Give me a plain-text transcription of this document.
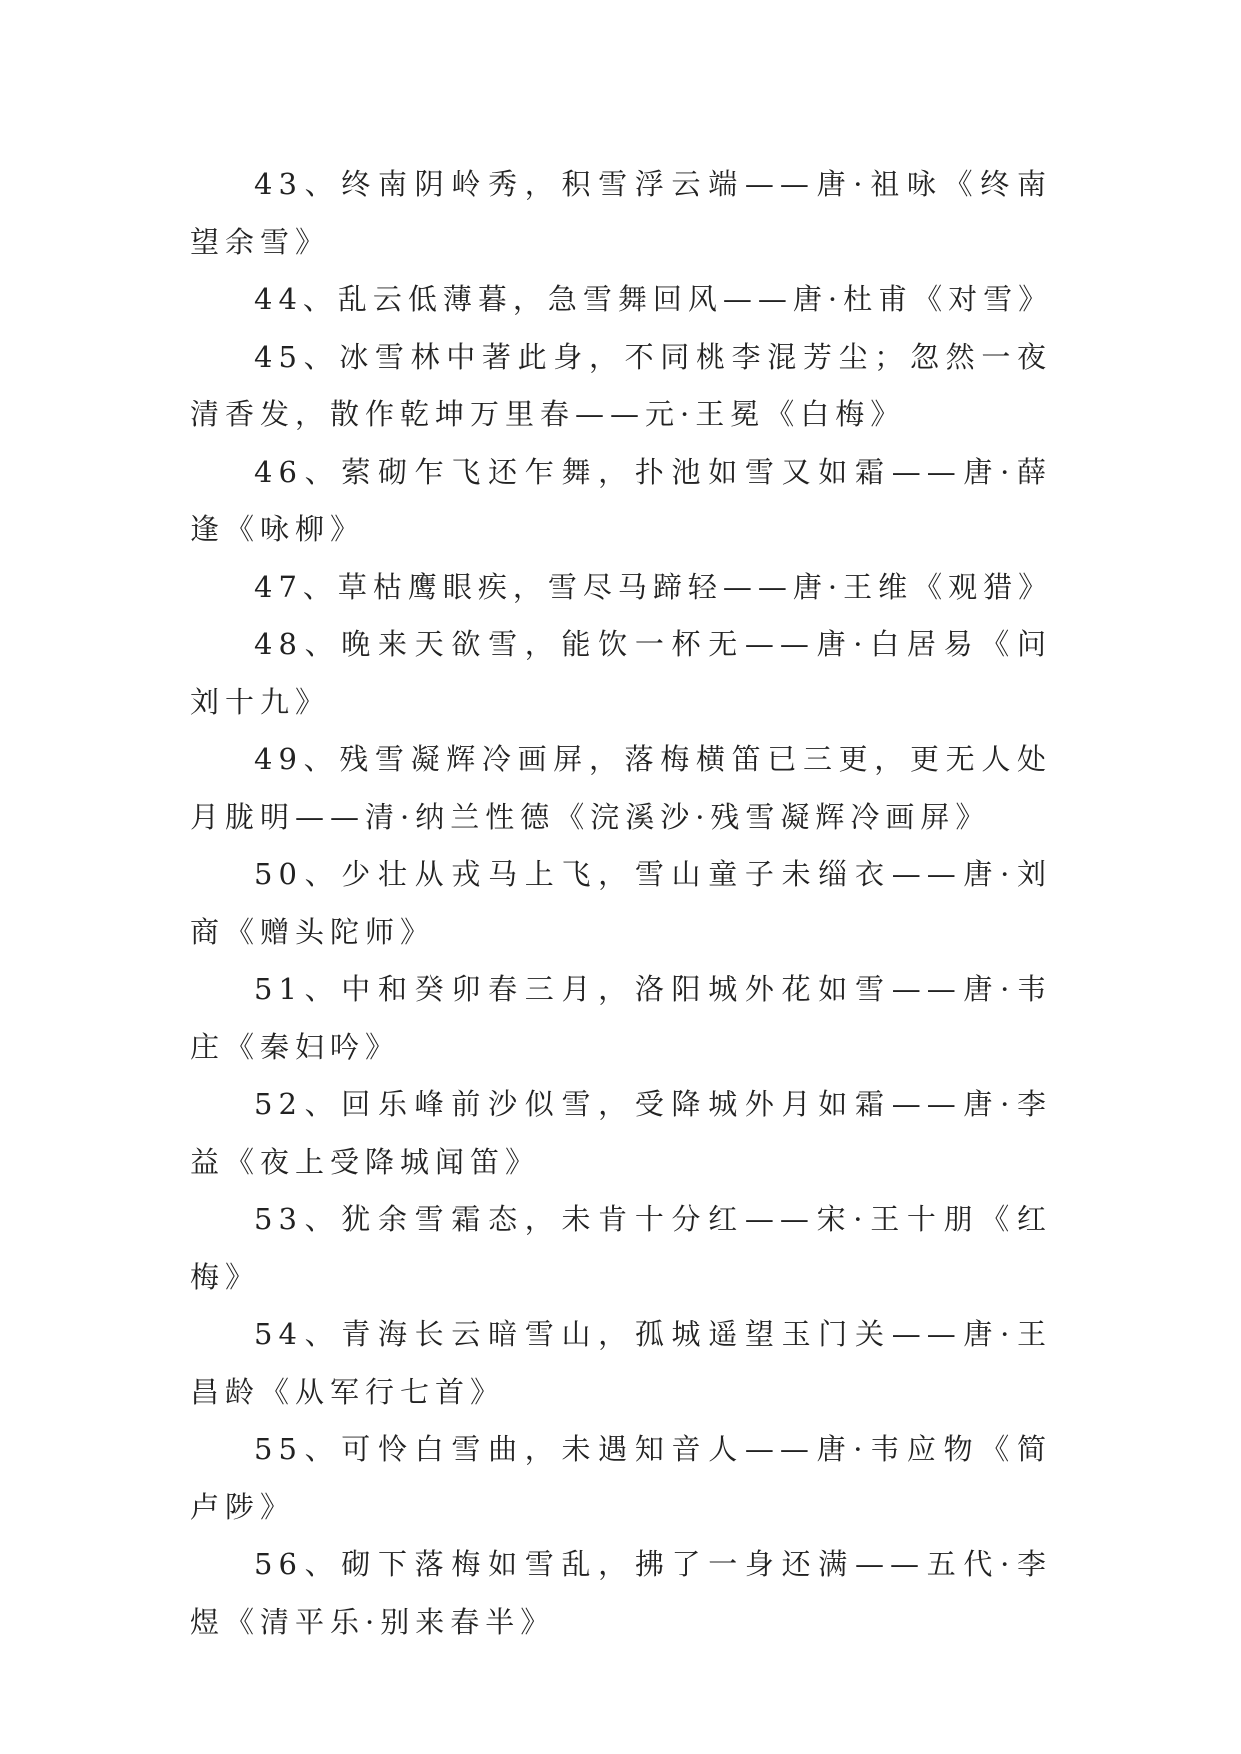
43、终南阴岭秀，积雪浮云端——唐·祖咏《终南望余雪》

44、乱云低薄暮，急雪舞回风——唐·杜甫《对雪》

45、冰雪林中著此身，不同桃李混芳尘；忽然一夜清香发，散作乾坤万里春——元·王冕《白梅》

46、萦砌乍飞还乍舞，扑池如雪又如霜——唐·薛逢《咏柳》

47、草枯鹰眼疾，雪尽马蹄轻——唐·王维《观猎》

48、晚来天欲雪，能饮一杯无——唐·白居易《问刘十九》

49、残雪凝辉冷画屏，落梅横笛已三更，更无人处月胧明——清·纳兰性德《浣溪沙·残雪凝辉冷画屏》

50、少壮从戎马上飞，雪山童子未缁衣——唐·刘商《赠头陀师》

51、中和癸卯春三月，洛阳城外花如雪——唐·韦庄《秦妇吟》

52、回乐峰前沙似雪，受降城外月如霜——唐·李益《夜上受降城闻笛》

53、犹余雪霜态，未肯十分红——宋·王十朋《红梅》

54、青海长云暗雪山，孤城遥望玉门关——唐·王昌龄《从军行七首》

55、可怜白雪曲，未遇知音人——唐·韦应物《简卢陟》

56、砌下落梅如雪乱，拂了一身还满——五代·李煜《清平乐·别来春半》
